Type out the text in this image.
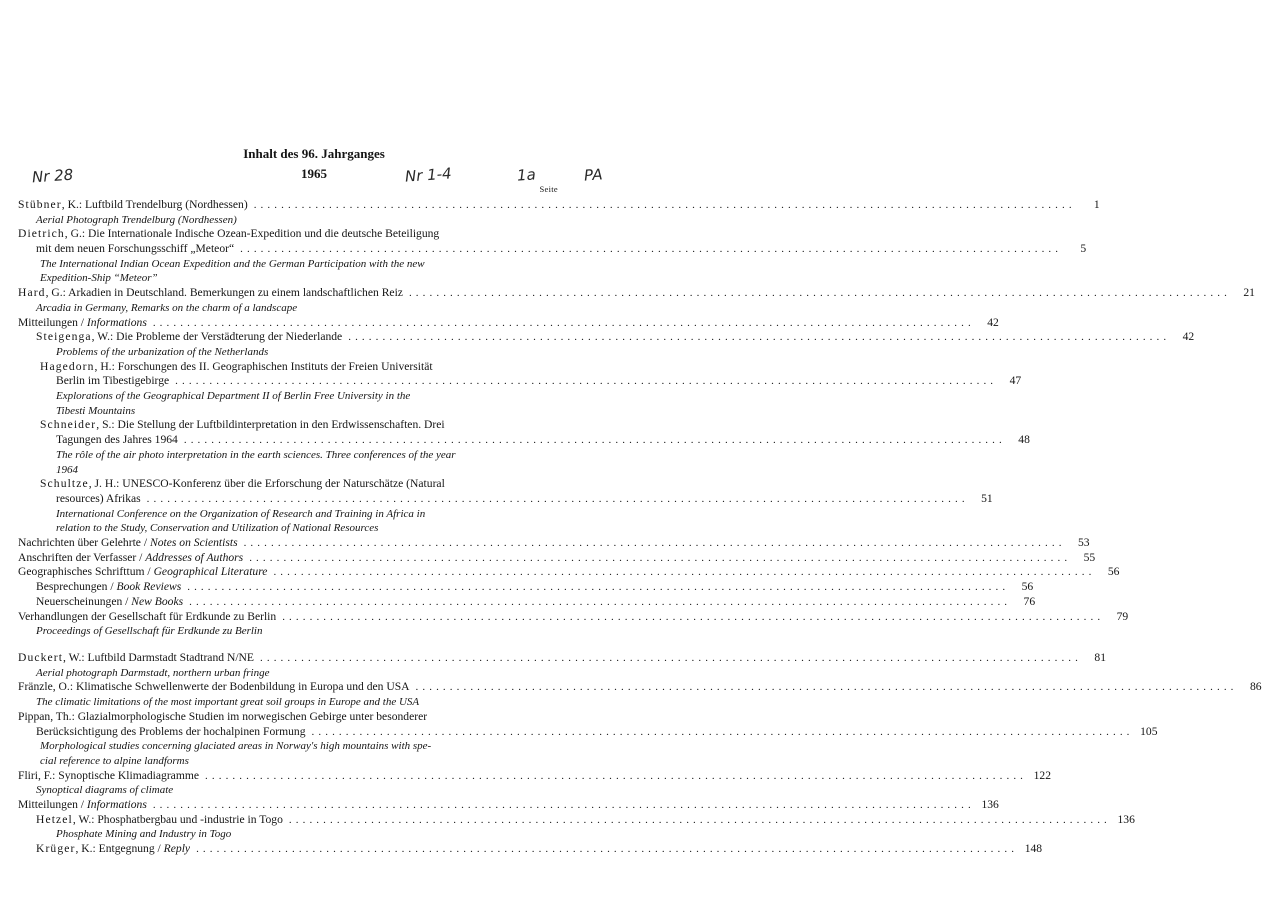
Nr 28	Nr 1-4	1a	PA
Inhalt des 96. Jahrganges
1965
Seite
Stübner, K.: Luftbild Trendelburg (Nordhessen) ........................................................................................................................	1
Aerial Photograph Trendelburg (Nordhessen)
Dietrich, G.: Die Internationale Indische Ozean-Expedition und die deutsche Beteiligung
mit dem neuen Forschungsschiff „Meteor“ ........................................................................................................................	5
The International Indian Ocean Expedition and the German Participation with the new
Expedition-Ship “Meteor”
Hard, G.: Arkadien in Deutschland. Bemerkungen zu einem landschaftlichen Reiz ........................................................................................................................	21
Arcadia in Germany, Remarks on the charm of a landscape
Mitteilungen / Informations ........................................................................................................................	42
Steigenga, W.: Die Probleme der Verstädterung der Niederlande ........................................................................................................................	42
Problems of the urbanization of the Netherlands
Hagedorn, H.: Forschungen des II. Geographischen Instituts der Freien Universität
Berlin im Tibestigebirge ........................................................................................................................	47
Explorations of the Geographical Department II of Berlin Free University in the
Tibesti Mountains
Schneider, S.: Die Stellung der Luftbildinterpretation in den Erdwissenschaften. Drei
Tagungen des Jahres 1964 ........................................................................................................................	48
The rôle of the air photo interpretation in the earth sciences. Three conferences of the year
1964
Schultze, J. H.: UNESCO-Konferenz über die Erforschung der Naturschätze (Natural
resources) Afrikas ........................................................................................................................	51
International Conference on the Organization of Research and Training in Africa in
relation to the Study, Conservation and Utilization of National Resources
Nachrichten über Gelehrte / Notes on Scientists ........................................................................................................................	53
Anschriften der Verfasser / Addresses of Authors ........................................................................................................................	55
Geographisches Schrifttum / Geographical Literature ........................................................................................................................	56
Besprechungen / Book Reviews ........................................................................................................................	56
Neuerscheinungen / New Books ........................................................................................................................	76
Verhandlungen der Gesellschaft für Erdkunde zu Berlin ........................................................................................................................	79
Proceedings of Gesellschaft für Erdkunde zu Berlin
Duckert, W.: Luftbild Darmstadt Stadtrand N/NE ........................................................................................................................	81
Aerial photograph Darmstadt, northern urban fringe
Fränzle, O.: Klimatische Schwellenwerte der Bodenbildung in Europa und den USA ........................................................................................................................	86
The climatic limitations of the most important great soil groups in Europe and the USA
Pippan, Th.: Glazialmorphologische Studien im norwegischen Gebirge unter besonderer
Berücksichtigung des Problems der hochalpinen Formung ........................................................................................................................ 105
Morphological studies concerning glaciated areas in Norway's high mountains with spe-
cial reference to alpine landforms
Fliri, F.: Synoptische Klimadiagramme ........................................................................................................................ 122
Synoptical diagrams of climate
Mitteilungen / Informations ........................................................................................................................ 136
Hetzel, W.: Phosphatbergbau und -industrie in Togo ........................................................................................................................ 136
Phosphate Mining and Industry in Togo
Krüger, K.: Entgegnung / Reply ........................................................................................................................ 148
